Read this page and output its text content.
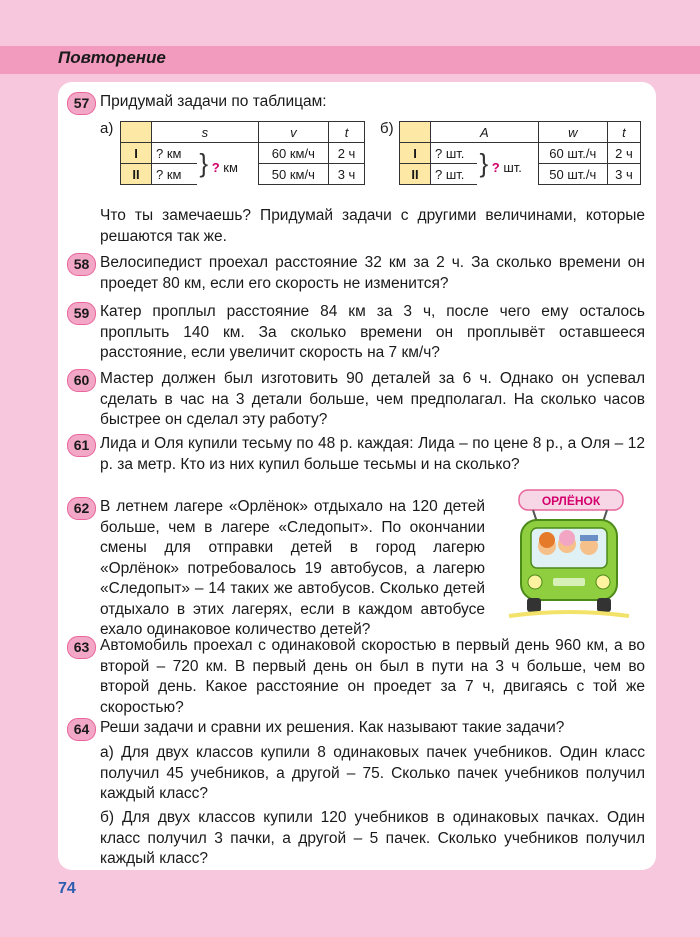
Повторение
57 Придумай задачи по таблицам:
а)
		s		v	t
I	? км	} ? км	60 км/ч	2 ч
II	? км		50 км/ч	3 ч
б)
		A		w	t
I	? шт.	} ? шт.	60 шт./ч	2 ч
II	? шт.		50 шт./ч	3 ч
Что ты замечаешь? Придумай задачи с другими величинами, которые решаются так же.
58 Велосипедист проехал расстояние 32 км за 2 ч. За сколько времени он проедет 80 км, если его скорость не изменится?
59 Катер проплыл расстояние 84 км за 3 ч, после чего ему осталось проплыть 140 км. За сколько времени он проплывёт оставшееся расстояние, если увеличит скорость на 7 км/ч?
60 Мастер должен был изготовить 90 деталей за 6 ч. Однако он успевал сделать в час на 3 детали больше, чем предполагал. На сколько часов быстрее он сделал эту работу?
61 Лида и Оля купили тесьму по 48 р. каждая: Лида – по цене 8 р., а Оля – 12 р. за метр. Кто из них купил больше тесьмы и на сколько?
62 В летнем лагере «Орлёнок» отдыхало на 120 детей больше, чем в лагере «Следопыт». По окончании смены для отправки детей в город лагерю «Орлёнок» потребовалось 19 автобусов, а лагерю «Следопыт» – 14 таких же автобусов. Сколько детей отдыхало в этих лагерях, если в каждом автобусе ехало одинаковое количество детей?
ОРЛЁНОК
63 Автомобиль проехал с одинаковой скоростью в первый день 960 км, а во второй – 720 км. В первый день он был в пути на 3 ч больше, чем во второй день. Какое расстояние он проедет за 7 ч, двигаясь с той же скоростью?
64 Реши задачи и сравни их решения. Как называют такие задачи?
а) Для двух классов купили 8 одинаковых пачек учебников. Один класс получил 45 учебников, а другой – 75. Сколько пачек учебников получил каждый класс?
б) Для двух классов купили 120 учебников в одинаковых пачках. Один класс получил 3 пачки, а другой – 5 пачек. Сколько учебников получил каждый класс?
74
